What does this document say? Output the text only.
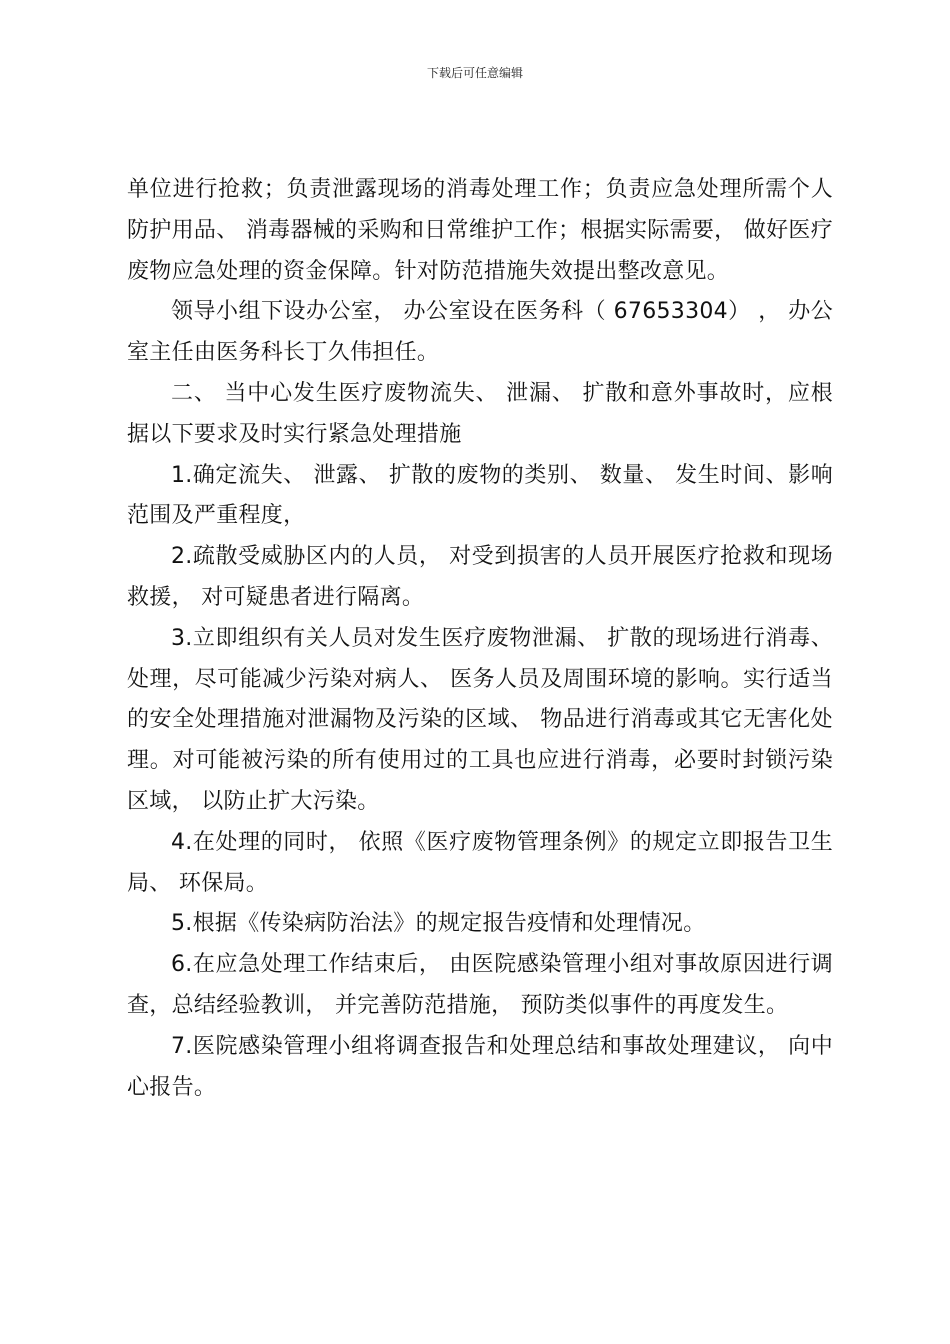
下载后可任意编辑

单位进行抢救；负责泄露现场的消毒处理工作；负责应急处理所需个人防护用品、 消毒器械的采购和日常维护工作；根据实际需要， 做好医疗废物应急处理的资金保障。针对防范措施失效提出整改意见。

领导小组下设办公室， 办公室设在医务科（ 67653304） ， 办公室主任由医务科长丁久伟担任。

二、 当中心发生医疗废物流失、 泄漏、 扩散和意外事故时，应根据以下要求及时实行紧急处理措施

1.确定流失、 泄露、 扩散的废物的类别、 数量、 发生时间、影响范围及严重程度，

2.疏散受威胁区内的人员， 对受到损害的人员开展医疗抢救和现场救援， 对可疑患者进行隔离。

3.立即组织有关人员对发生医疗废物泄漏、 扩散的现场进行消毒、 处理，尽可能减少污染对病人、 医务人员及周围环境的影响。实行适当的安全处理措施对泄漏物及污染的区域、 物品进行消毒或其它无害化处理。对可能被污染的所有使用过的工具也应进行消毒，必要时封锁污染区域， 以防止扩大污染。

4.在处理的同时， 依照《医疗废物管理条例》的规定立即报告卫生局、 环保局。

5.根据《传染病防治法》的规定报告疫情和处理情况。

6.在应急处理工作结束后， 由医院感染管理小组对事故原因进行调查，总结经验教训， 并完善防范措施， 预防类似事件的再度发生。

7.医院感染管理小组将调查报告和处理总结和事故处理建议， 向中心报告。
